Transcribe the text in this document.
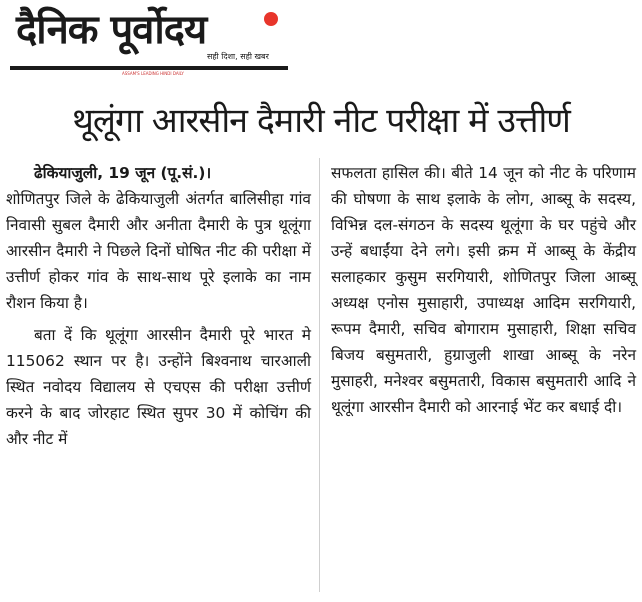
दैनिक पूर्वोदय
सही दिशा, सही खबर
ASSAM'S LEADING HINDI DAILY
थूलूंगा आरसीन दैमारी नीट परीक्षा में उत्तीर्ण

ढेकियाजुली, 19 जून (पू.सं.)।

शोणितपुर जिले के ढेकियाजुली अंतर्गत बालिसीहा गांव निवासी सुबल दैमारी और अनीता दैमारी के पुत्र थूलूंगा आरसीन दैमारी ने पिछले दिनों घोषित नीट की परीक्षा में उत्तीर्ण होकर गांव के साथ-साथ पूरे इलाके का नाम रौशन किया है।

बता दें कि थूलूंगा आरसीन दैमारी पूरे भारत मे 115062 स्थान पर है। उन्होंने बिश्वनाथ चारआली स्थित नवोदय विद्यालय से एचएस की परीक्षा उत्तीर्ण करने के बाद जोरहाट स्थित सुपर 30 में कोचिंग की और नीट में

सफलता हासिल की। बीते 14 जून को नीट के परिणाम की घोषणा के साथ इलाके के लोग, आब्सू के सदस्य, विभिन्न दल-संगठन के सदस्य थूलूंगा के घर पहुंचे और उन्हें बधाईंया देने लगे। इसी क्रम में आब्सू के केंद्रीय सलाहकार कुसुम सरगियारी, शोणितपुर जिला आब्सू अध्यक्ष एनोस मुसाहारी, उपाध्यक्ष आदिम सरगियारी, रूपम दैमारी, सचिव बोगाराम मुसाहारी, शिक्षा सचिव बिजय बसुमतारी, हुग्राजुली शाखा आब्सू के नरेन मुसाहरी, मनेश्वर बसुमतारी, विकास बसुमतारी आदि ने थूलूंगा आरसीन दैमारी को आरनाई भेंट कर बधाई दी।
